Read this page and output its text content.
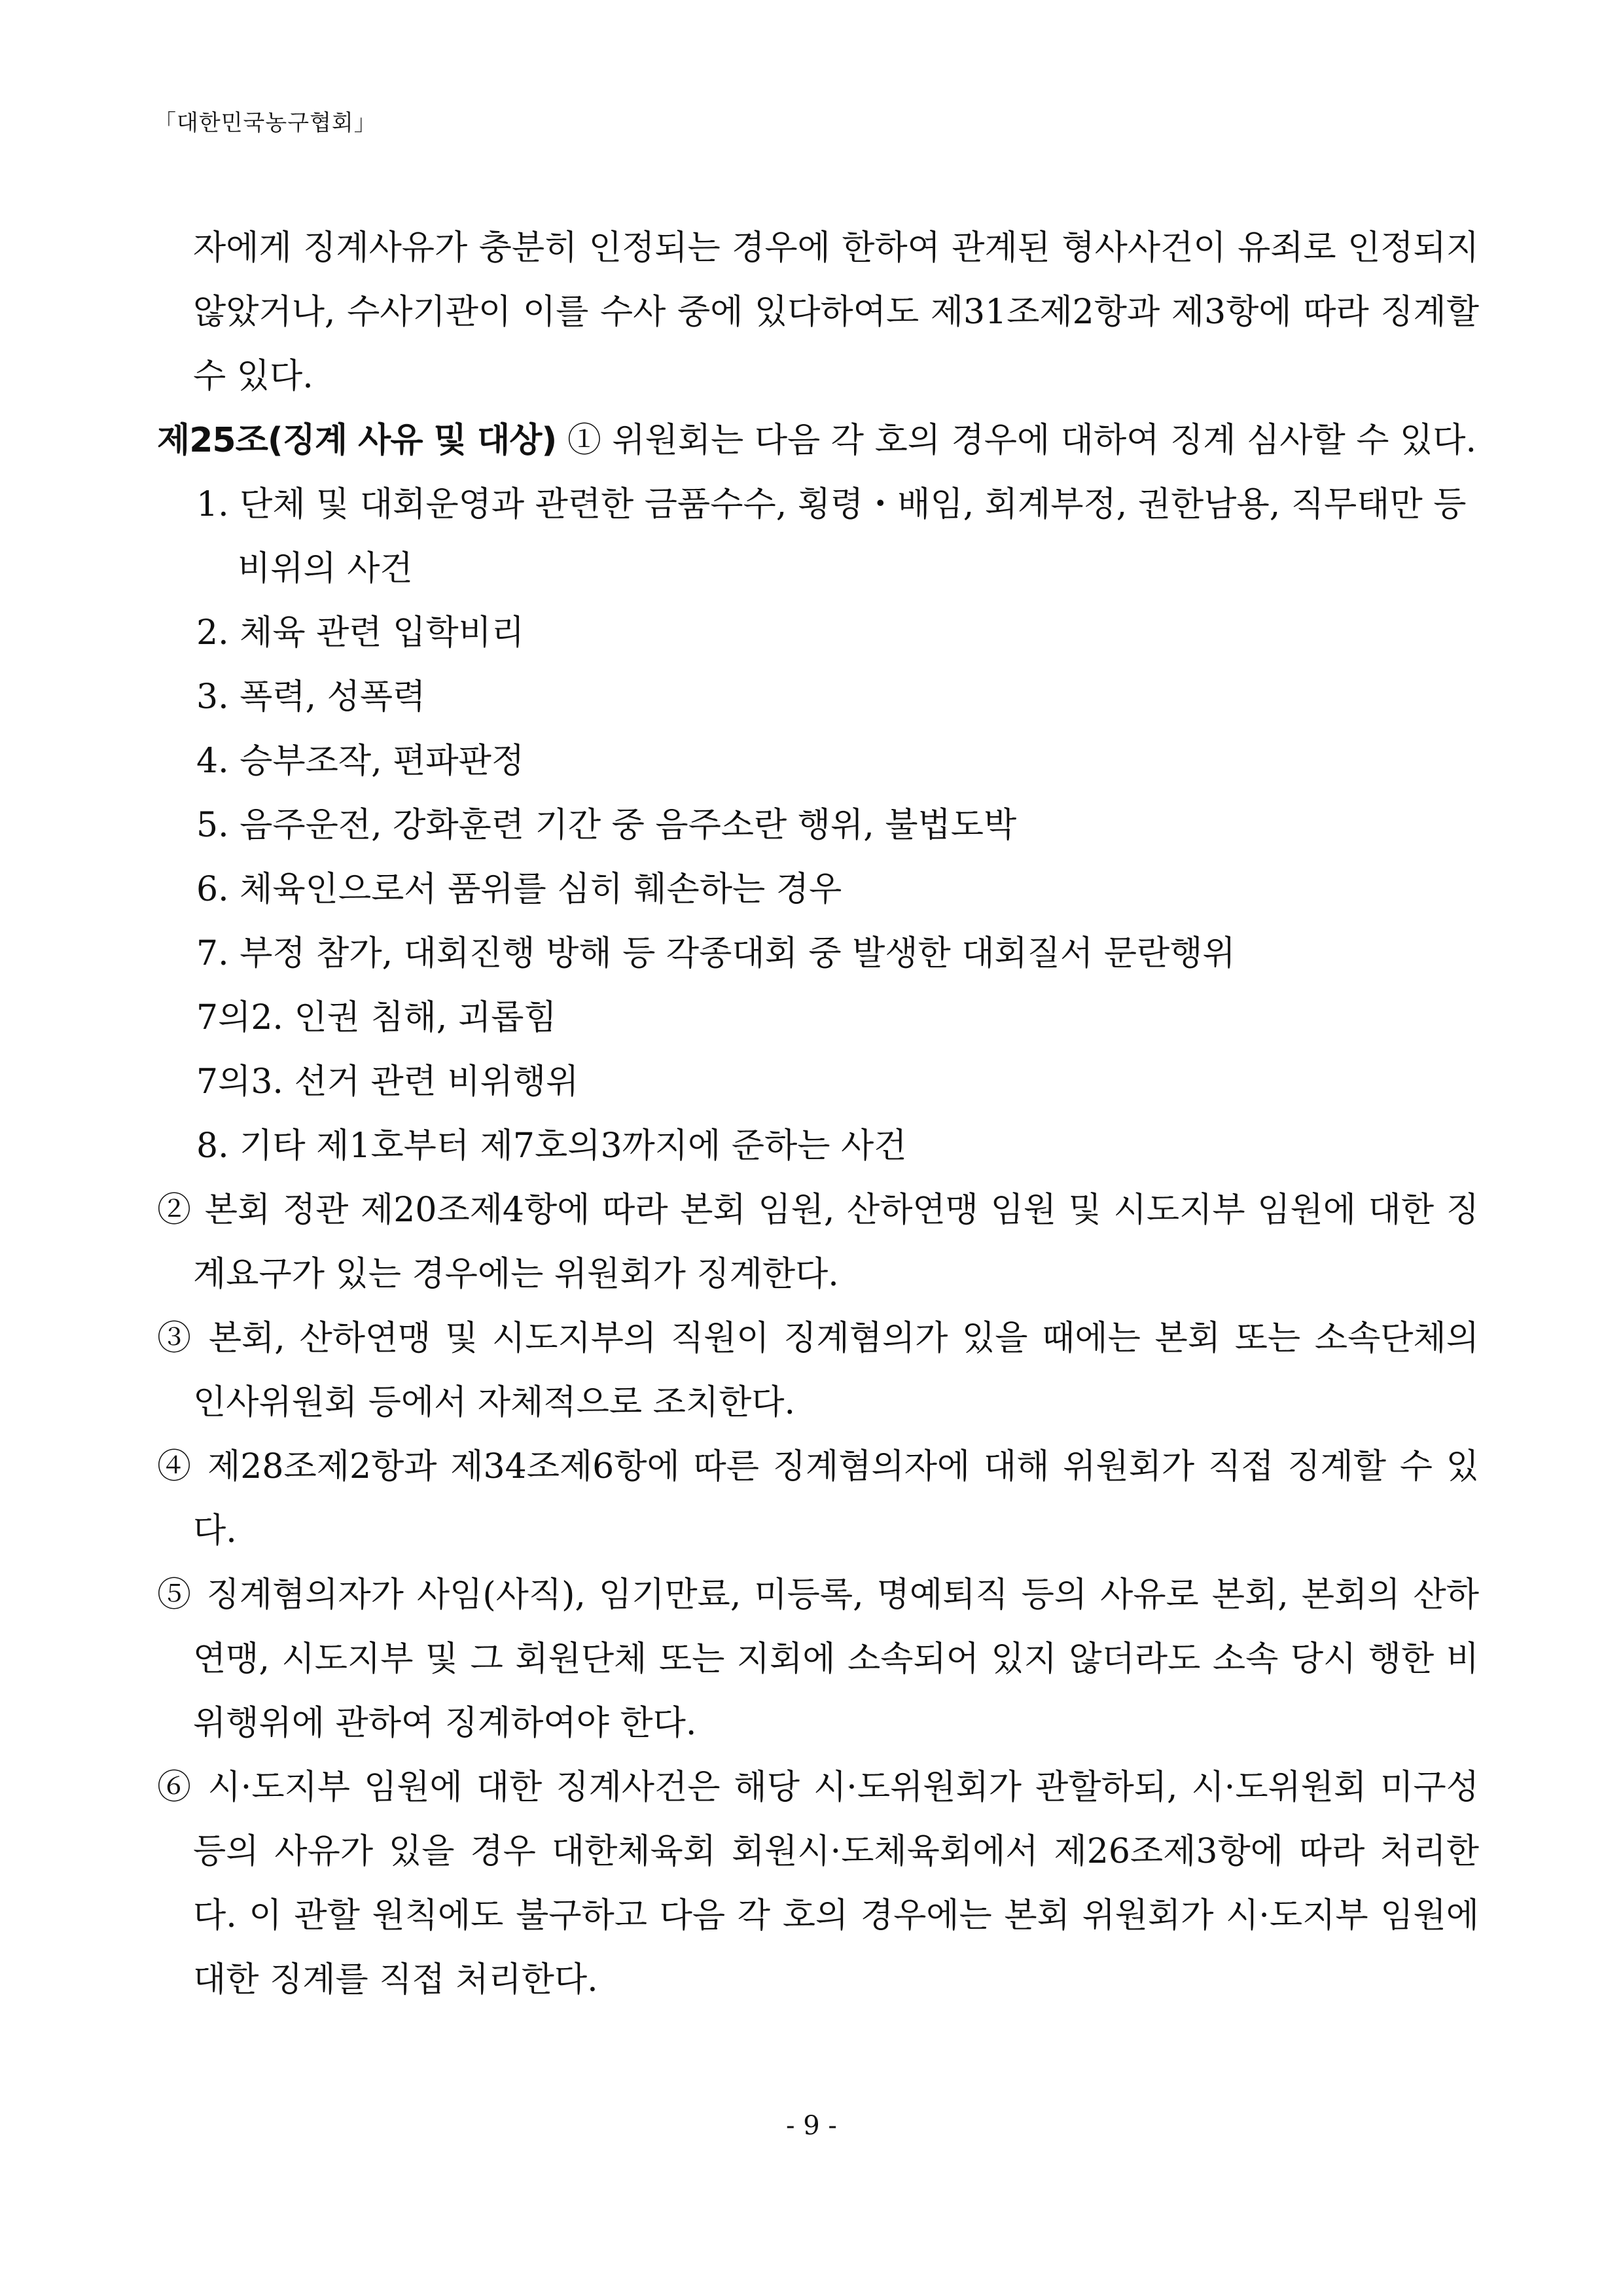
「대한민국농구협회」
자에게 징계사유가 충분히 인정되는 경우에 한하여 관계된 형사사건이 유죄로 인정되지 않았거나, 수사기관이 이를 수사 중에 있다하여도 제31조제2항과 제3항에 따라 징계할 수 있다.
제25조(징계 사유 및 대상) ① 위원회는 다음 각 호의 경우에 대하여 징계 심사할 수 있다.
1. 단체 및 대회운영과 관련한 금품수수, 횡령・배임, 회계부정, 권한남용, 직무태만 등 비위의 사건
2. 체육 관련 입학비리
3. 폭력, 성폭력
4. 승부조작, 편파판정
5. 음주운전, 강화훈련 기간 중 음주소란 행위, 불법도박
6. 체육인으로서 품위를 심히 훼손하는 경우
7. 부정 참가, 대회진행 방해 등 각종대회 중 발생한 대회질서 문란행위
7의2. 인권 침해, 괴롭힘
7의3. 선거 관련 비위행위
8. 기타 제1호부터 제7호의3까지에 준하는 사건
② 본회 정관 제20조제4항에 따라 본회 임원, 산하연맹 임원 및 시도지부 임원에 대한 징계요구가 있는 경우에는 위원회가 징계한다.
③ 본회, 산하연맹 및 시도지부의 직원이 징계혐의가 있을 때에는 본회 또는 소속단체의 인사위원회 등에서 자체적으로 조치한다.
④ 제28조제2항과 제34조제6항에 따른 징계혐의자에 대해 위원회가 직접 징계할 수 있다.
⑤ 징계혐의자가 사임(사직), 임기만료, 미등록, 명예퇴직 등의 사유로 본회, 본회의 산하연맹, 시도지부 및 그 회원단체 또는 지회에 소속되어 있지 않더라도 소속 당시 행한 비위행위에 관하여 징계하여야 한다.
⑥ 시·도지부 임원에 대한 징계사건은 해당 시·도위원회가 관할하되, 시·도위원회 미구성 등의 사유가 있을 경우 대한체육회 회원시·도체육회에서 제26조제3항에 따라 처리한다. 이 관할 원칙에도 불구하고 다음 각 호의 경우에는 본회 위원회가 시·도지부 임원에 대한 징계를 직접 처리한다.
- 9 -
